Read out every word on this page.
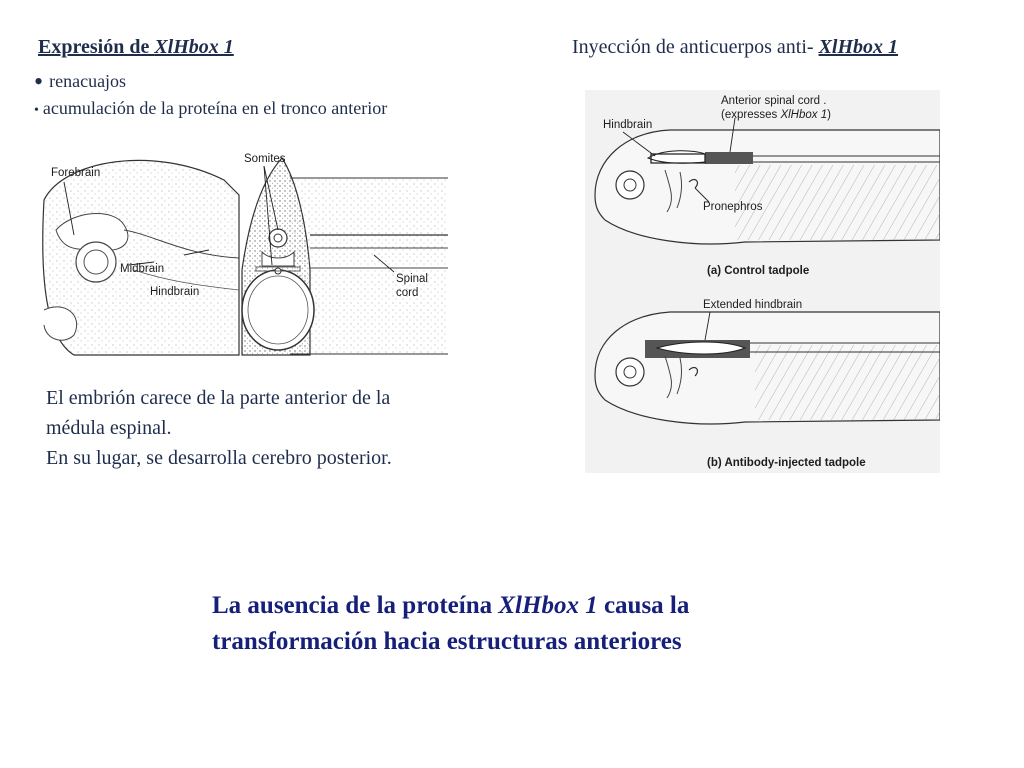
Expresión de XlHbox 1	Inyección de anticuerpos anti- XlHbox 1
• renacuajos
• acumulación de la proteína en el tronco anterior
Forebrain
Somites
Midbrain
Hindbrain
Spinal
cord
Hindbrain
Anterior spinal cord .
(expresses XlHbox 1)
Pronephros
(a) Control tadpole
Extended hindbrain
(b) Antibody-injected tadpole
El embrión carece de la parte anterior de la
médula espinal.
En su lugar, se desarrolla cerebro posterior.
La ausencia de la proteína XlHbox 1 causa la
transformación hacia estructuras anteriores
